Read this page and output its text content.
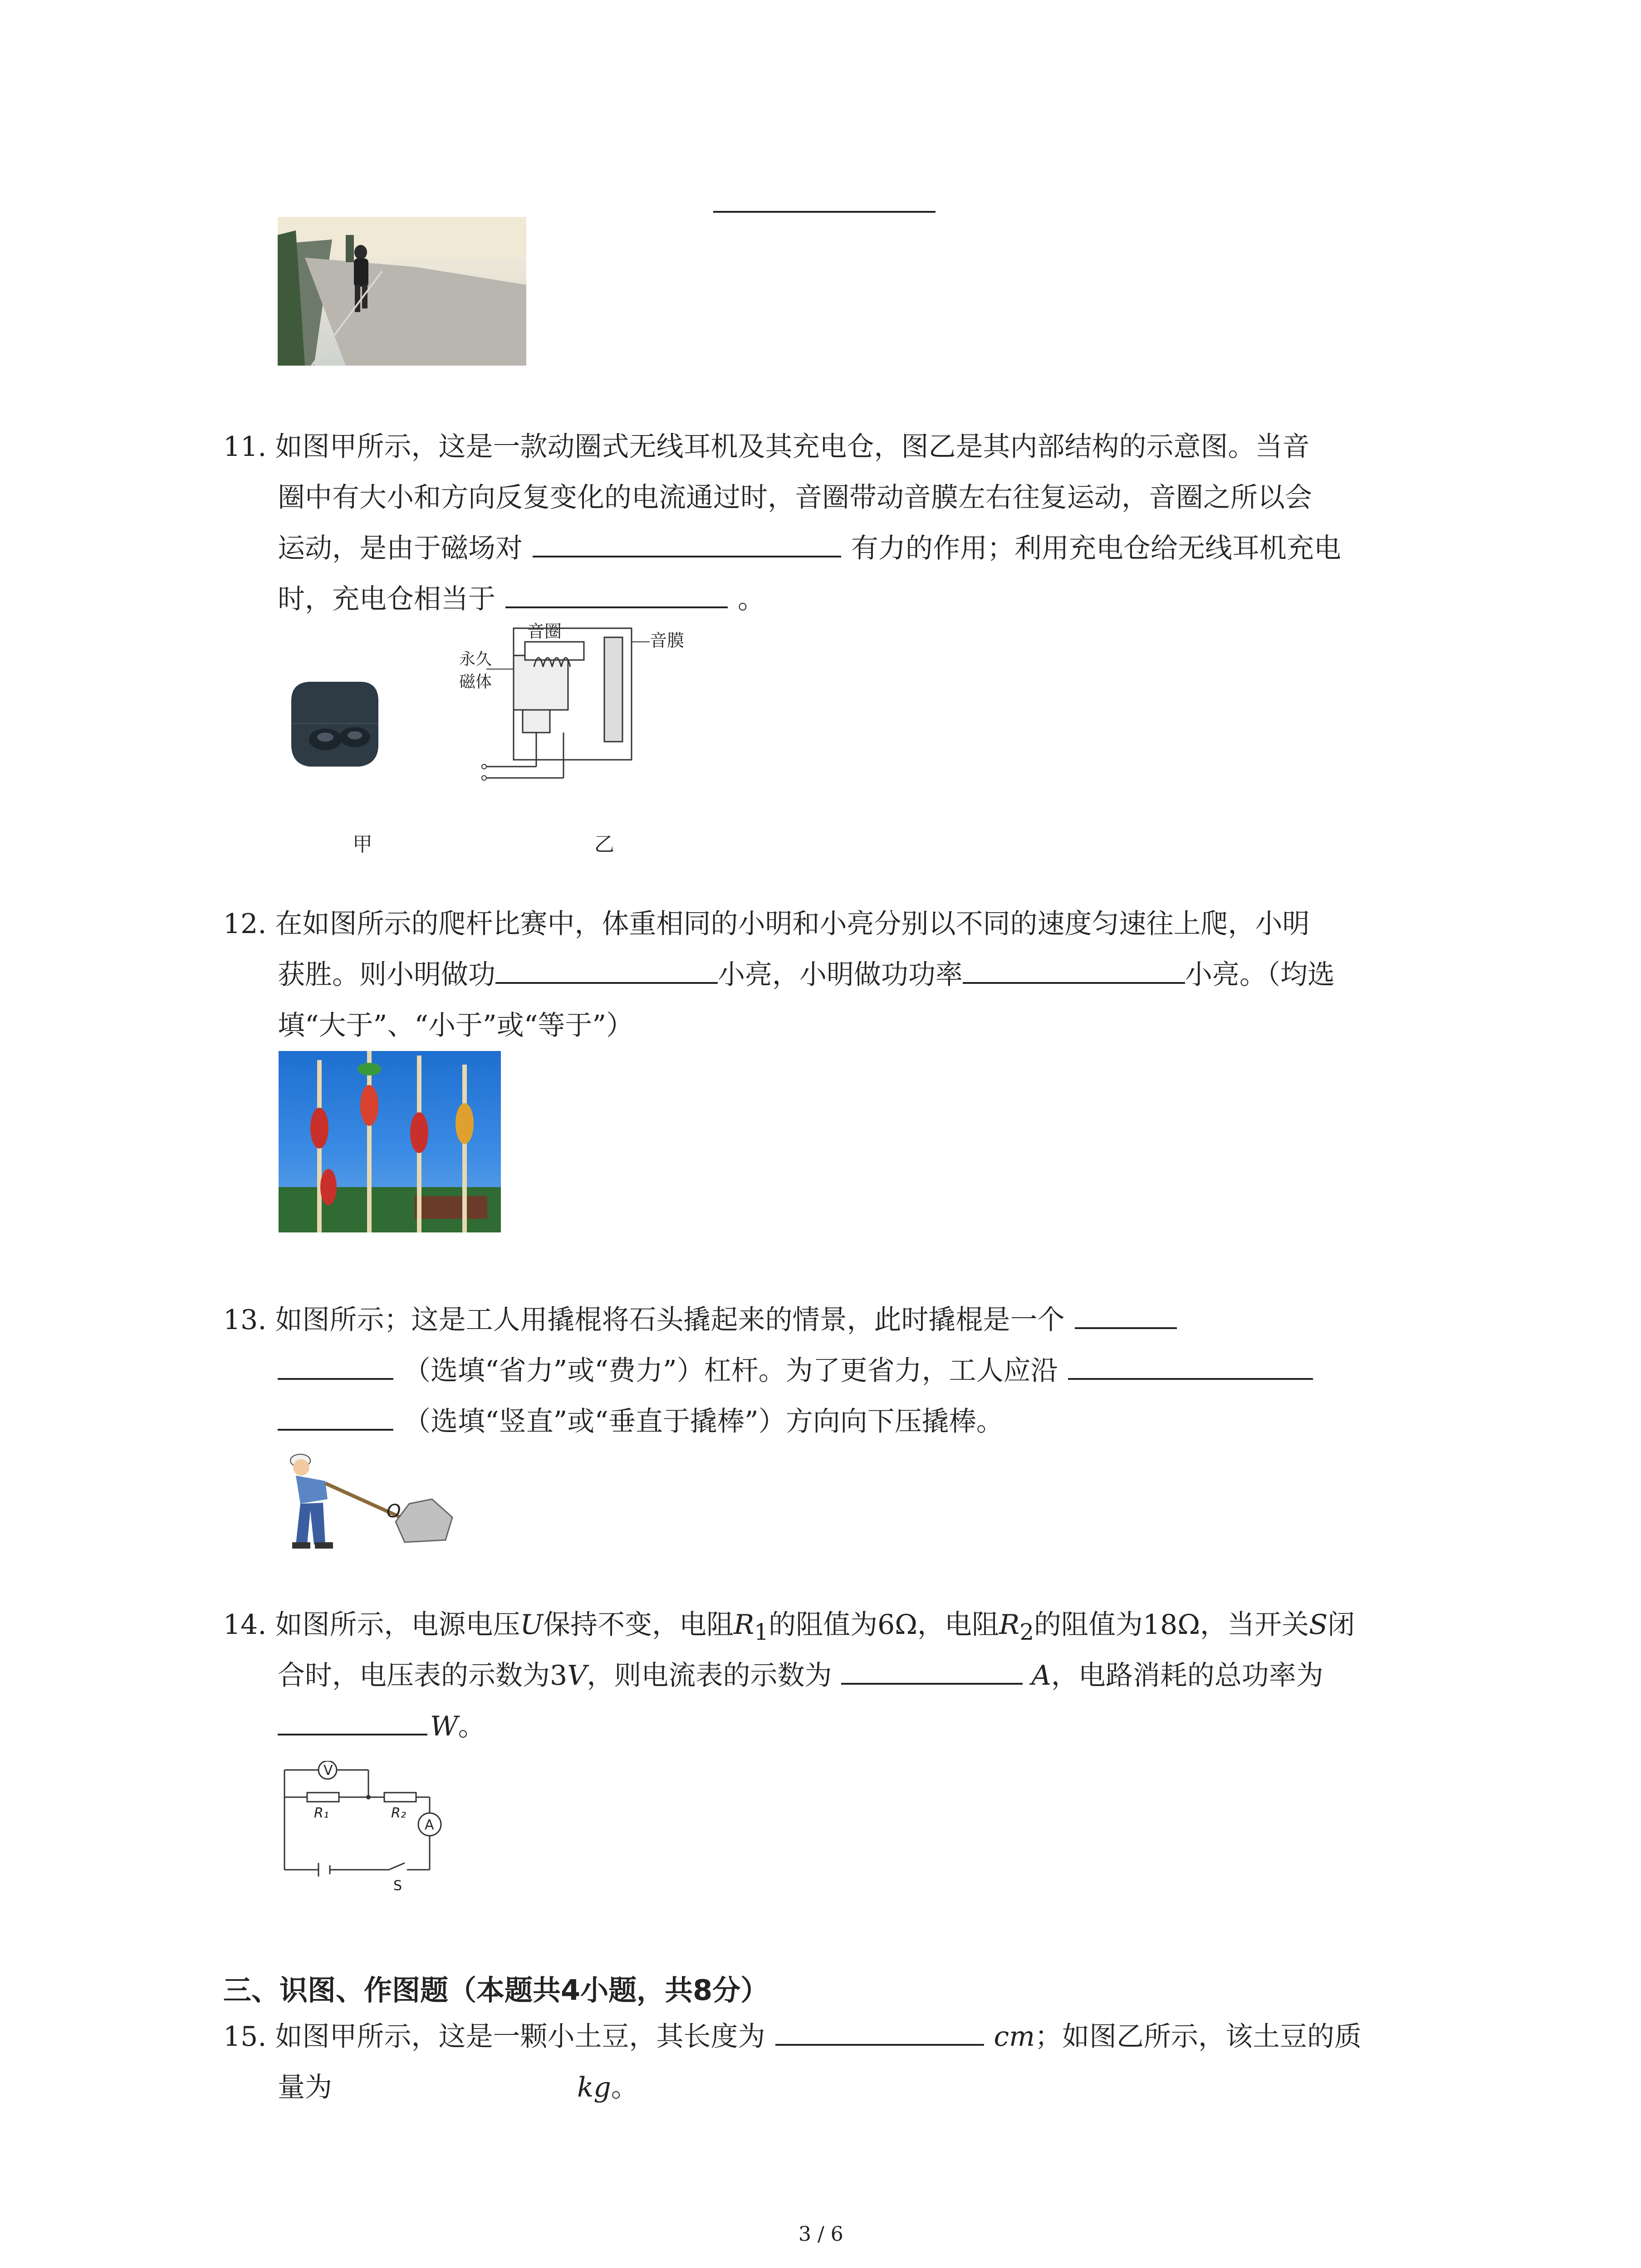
11. 如图甲所示，这是一款动圈式无线耳机及其充电仓，图乙是其内部结构的示意图。当音
圈中有大小和方向反复变化的电流通过时，音圈带动音膜左右往复运动，音圈之所以会
运动，是由于磁场对	有力的作用；利用充电仓给无线耳机充电
时，充电仓相当于	。
音圈	音膜
永久
磁体
甲	乙
12. 在如图所示的爬杆比赛中，体重相同的小明和小亮分别以不同的速度匀速往上爬，小明
获胜。则小明做功	小亮，小明做功功率	小亮。（均选
填“大于”、“小于”或“等于”）
13. 如图所示；这是工人用撬棍将石头撬起来的情景，此时撬棍是一个
（选填“省力”或“费力”）杠杆。为了更省力，工人应沿
（选填“竖直”或“垂直于撬棒”）方向向下压撬棒。
O
14. 如图所示，电源电压U保持不变，电阻$R_1$的阻值为6Ω，电阻$R_2$的阻值为18Ω，当开关S闭
合时，电压表的示数为3V，则电流表的示数为	A，电路消耗的总功率为
W。
V
A
R₁	R₂
S
三、识图、作图题（本题共4小题，共8分）
15. 如图甲所示，这是一颗小土豆，其长度为	cm；如图乙所示，该土豆的质
量为	kg。
3 / 6
